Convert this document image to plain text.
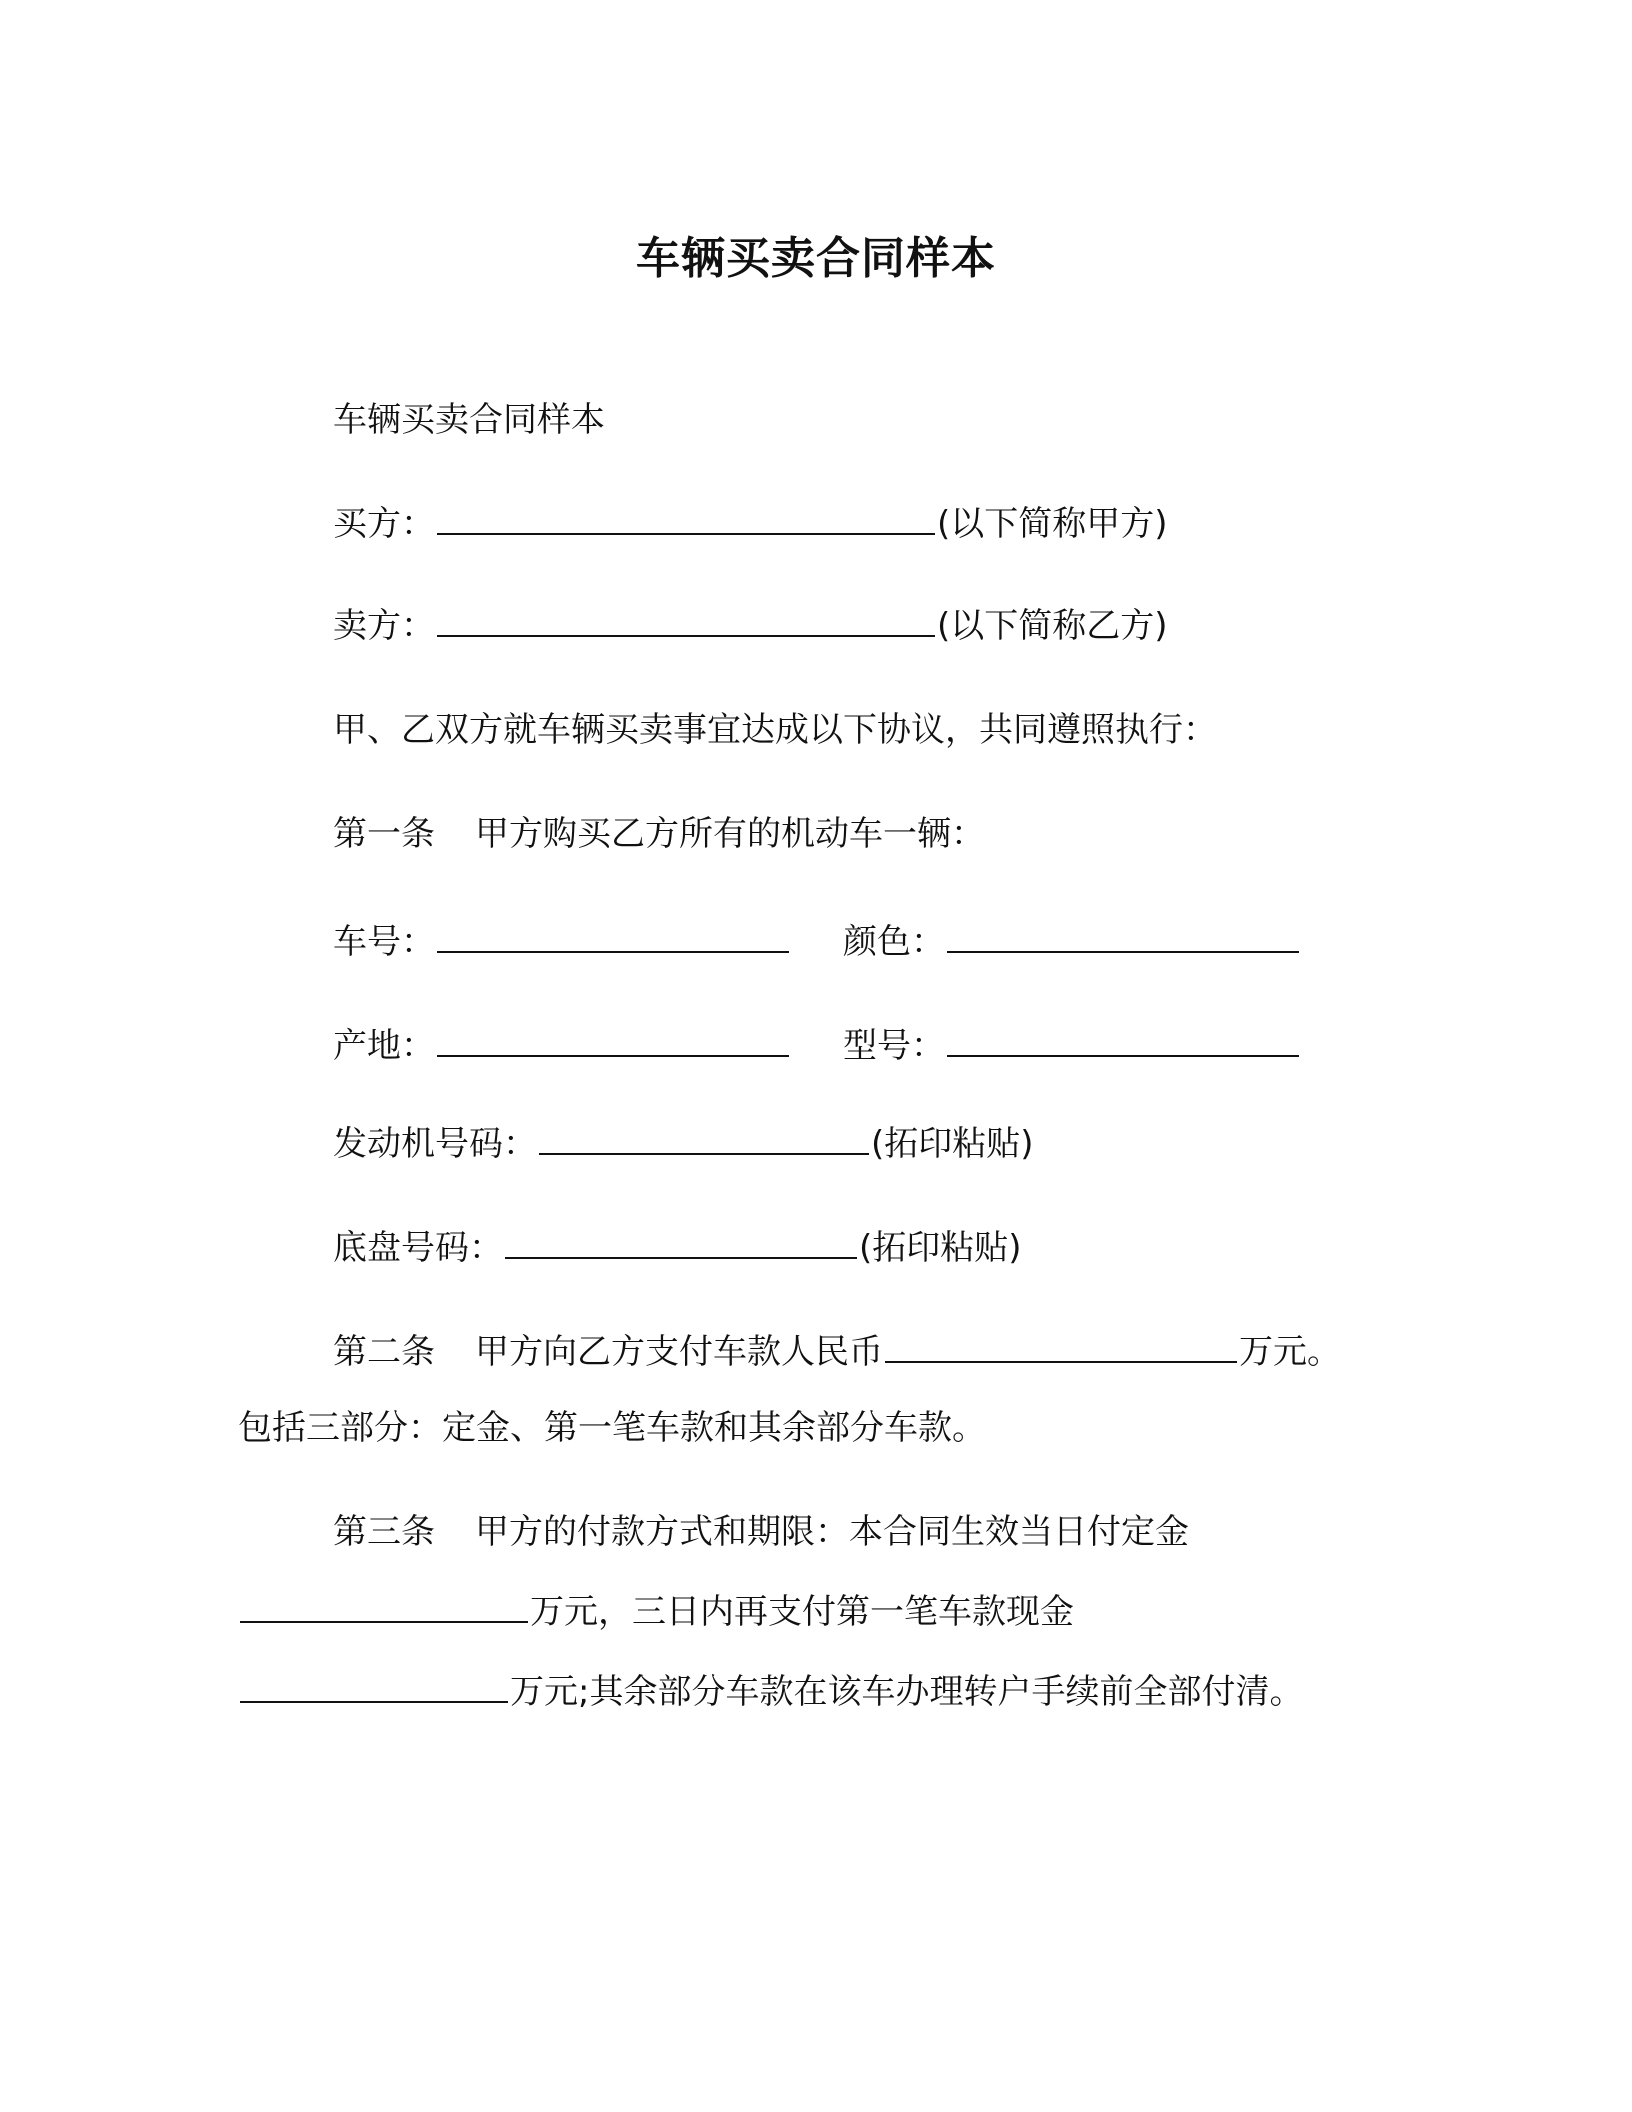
车辆买卖合同样本
车辆买卖合同样本
买方：	(以下简称甲方)
卖方：	(以下简称乙方)
甲、乙双方就车辆买卖事宜达成以下协议，共同遵照执行：
第一条 甲方购买乙方所有的机动车一辆：
车号：	颜色：
产地：	型号：
发动机号码：	(拓印粘贴)
底盘号码：	(拓印粘贴)
第二条 甲方向乙方支付车款人民币	万元。
包括三部分：定金、第一笔车款和其余部分车款。
第三条 甲方的付款方式和期限：本合同生效当日付定金
万元，三日内再支付第一笔车款现金
万元;其余部分车款在该车办理转户手续前全部付清。
